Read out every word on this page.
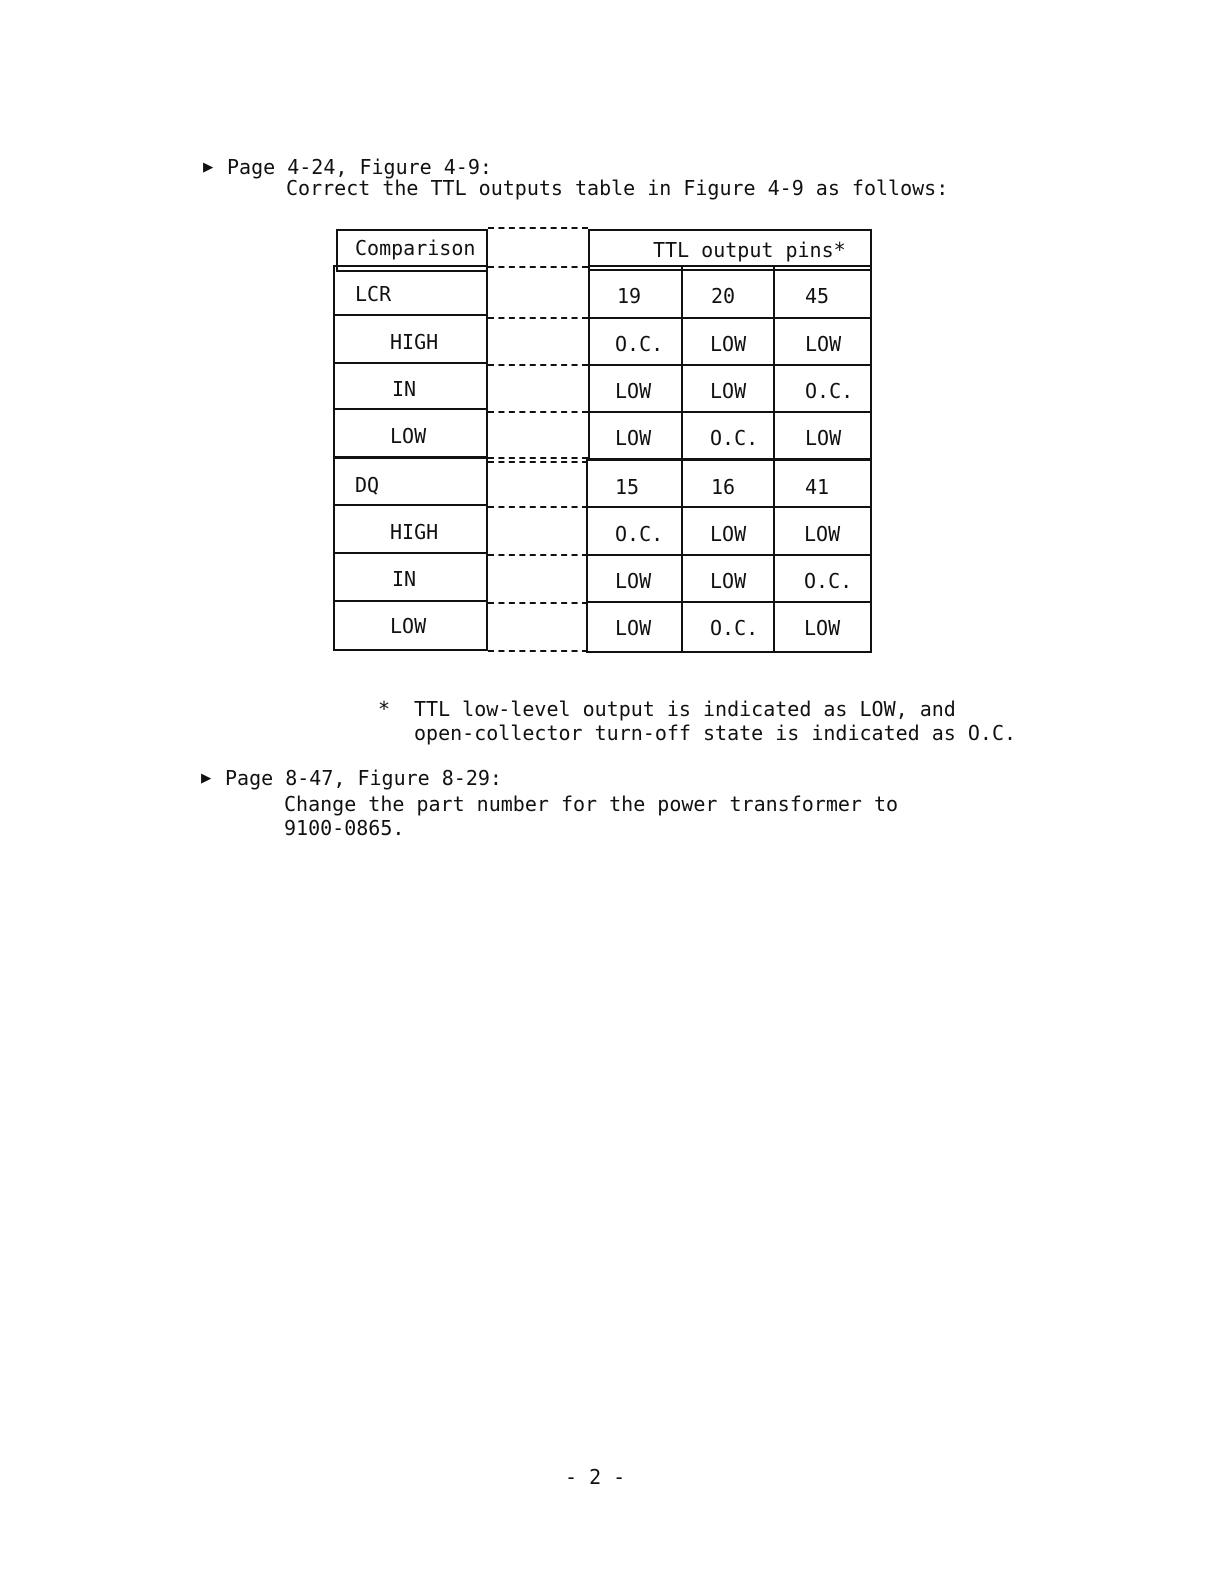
▶ Page 4-24, Figure 4-9:
Correct the TTL outputs table in Figure 4-9 as follows:
Comparison	TTL output pins*
LCR	19	20	45
HIGH	O.C. LOW	LOW
IN	LOW	LOW	O.C.
LOW	LOW	O.C. LOW
DQ	15	16	41
HIGH	O.C. LOW	LOW
IN	LOW	LOW	O.C.
LOW	LOW	O.C. LOW
* TTL low-level output is indicated as LOW, and
open-collector turn-off state is indicated as O.C.
▶ Page 8-47, Figure 8-29:
Change the part number for the power transformer to
9100-0865.
- 2 -
